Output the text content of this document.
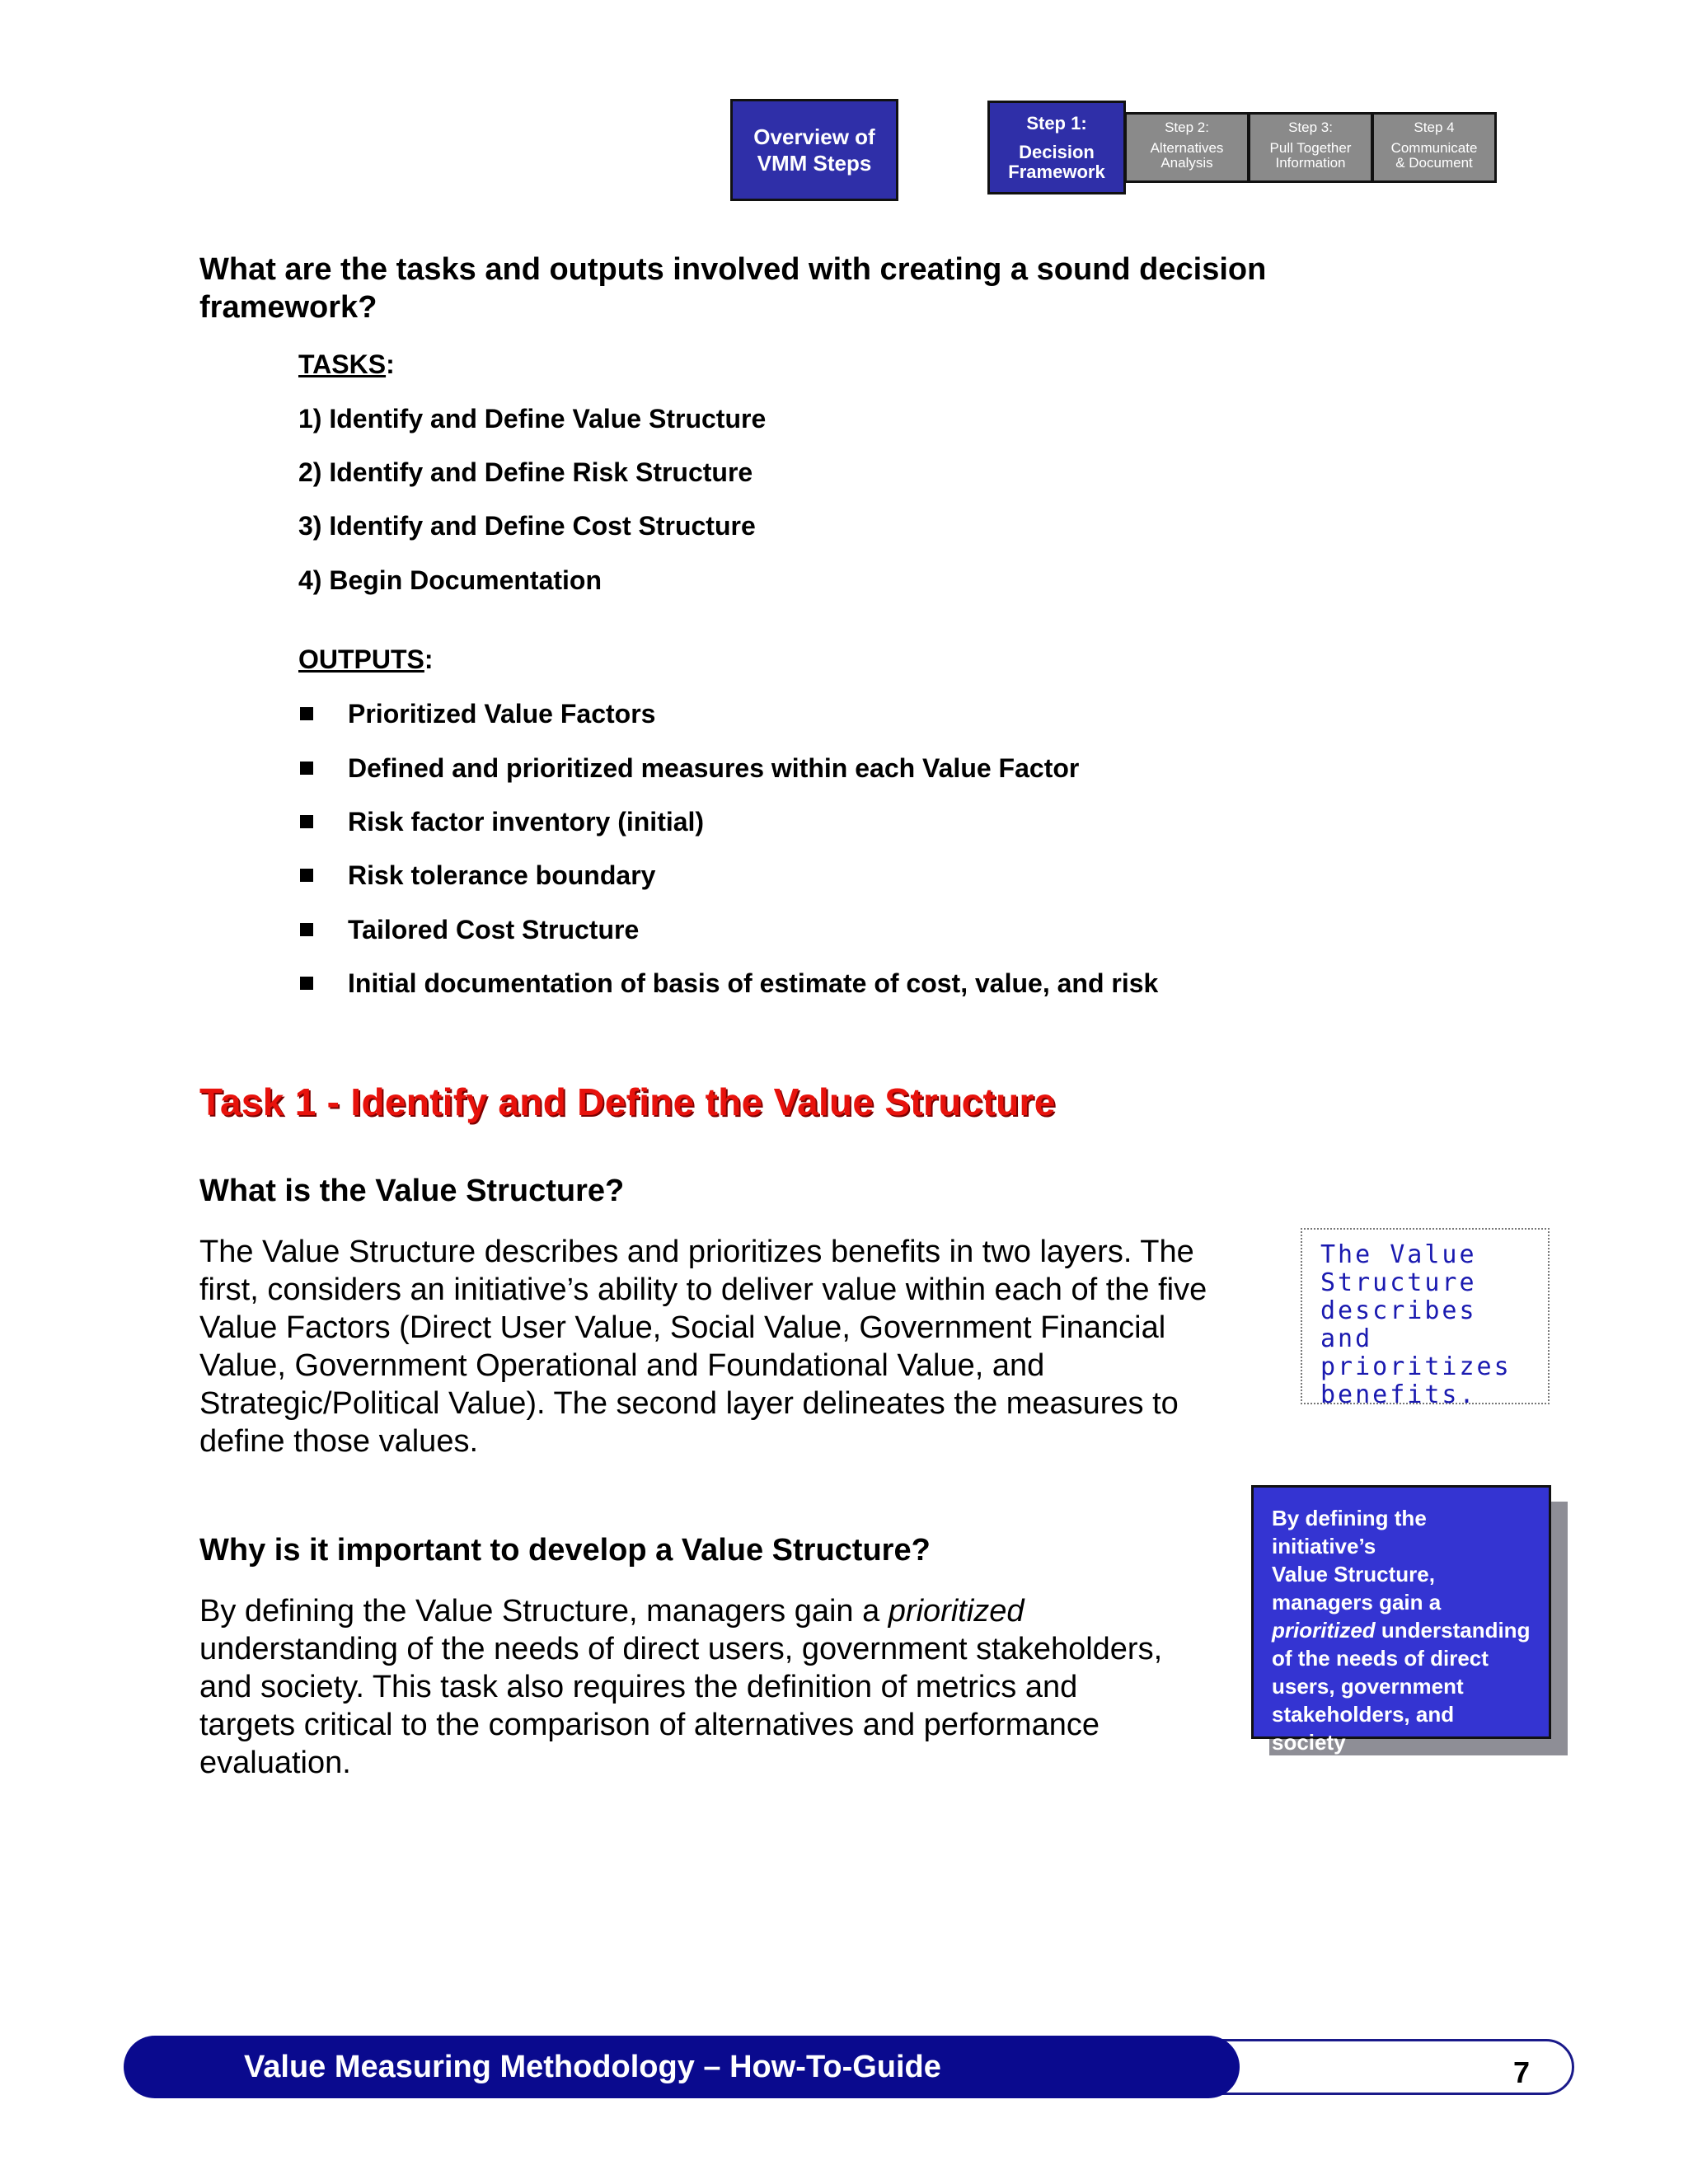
Overview of
VMM Steps
Step 1:
Decision
Framework
Step 2:
Alternatives
Analysis
Step 3:
Pull Together
Information
Step 4
Communicate
& Document
What are the tasks and outputs involved with creating a sound decision
framework?
TASKS:
1) Identify and Define Value Structure
2) Identify and Define Risk Structure
3) Identify and Define Cost Structure
4) Begin Documentation
OUTPUTS:
Prioritized Value Factors
Defined and prioritized measures within each Value Factor
Risk factor inventory (initial)
Risk tolerance boundary
Tailored Cost Structure
Initial documentation of basis of estimate of cost, value, and risk
Task 1 - Identify and Define the Value Structure
What is the Value Structure?
The Value Structure describes and prioritizes benefits in two layers. The
first, considers an initiative’s ability to deliver value within each of the five
Value Factors (Direct User Value, Social Value, Government Financial
Value, Government Operational and Foundational Value, and
Strategic/Political Value). The second layer delineates the measures to
define those values.
The Value
Structure
describes and
prioritizes
benefits.
Why is it important to develop a Value Structure?
By defining the Value Structure, managers gain a prioritized
understanding of the needs of direct users, government stakeholders,
and society. This task also requires the definition of metrics and
targets critical to the comparison of alternatives and performance
evaluation.
By defining the initiative’s
Value Structure,
managers gain a
prioritized understanding
of the needs of direct
users, government
stakeholders, and society
Value Measuring Methodology – How-To-Guide	7
